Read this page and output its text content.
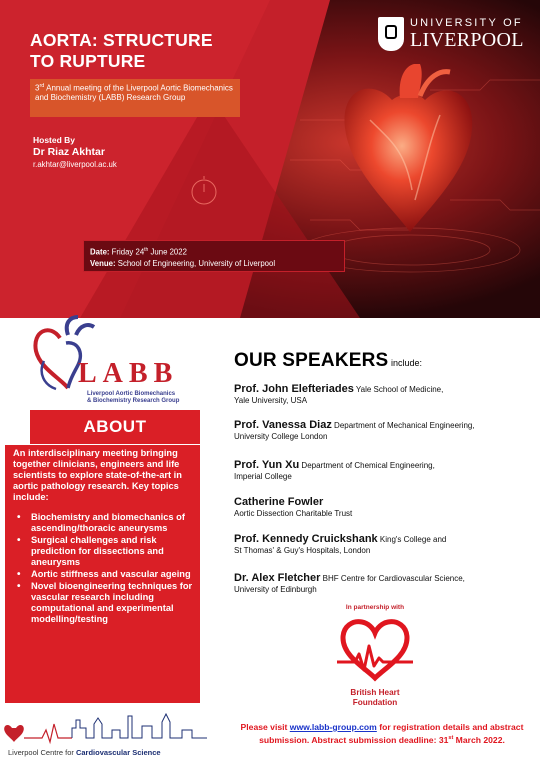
UNIVERSITY OF
LIVERPOOL
AORTA: STRUCTURE
TO RUPTURE
3rd Annual meeting of the Liverpool Aortic Biomechanics and Biochemistry (LABB) Research Group
Hosted By
Dr Riaz Akhtar
r.akhtar@liverpool.ac.uk
Date: Friday 24th June 2022
Venue: School of Engineering, University of Liverpool
LABB
Liverpool Aortic Biomechanics
& Biochemistry Research Group
ABOUT
An interdisciplinary meeting bringing together clinicians, engineers and life scientists to explore state-of-the-art in aortic pathology research. Key topics include:
• Biochemistry and biomechanics of ascending/thoracic aneurysms
• Surgical challenges and risk prediction for dissections and aneurysms
• Aortic stiffness and vascular ageing
• Novel bioengineering techniques for vascular research including computational and experimental modelling/testing
Liverpool Centre for Cardiovascular Science
OUR SPEAKERS include:
Prof. John Elefteriades Yale School of Medicine,
Yale University, USA
Prof. Vanessa Diaz Department of Mechanical Engineering,
University College London
Prof. Yun Xu Department of Chemical Engineering,
Imperial College
Catherine Fowler
Aortic Dissection Charitable Trust
Prof. Kennedy Cruickshank King's College and
St Thomas' & Guy's Hospitals, London
Dr. Alex Fletcher BHF Centre for Cardiovascular Science,
University of Edinburgh
In partnership with
British Heart
Foundation
Please visit www.labb-group.com for registration details and abstract submission. Abstract submission deadline: 31st March 2022.
